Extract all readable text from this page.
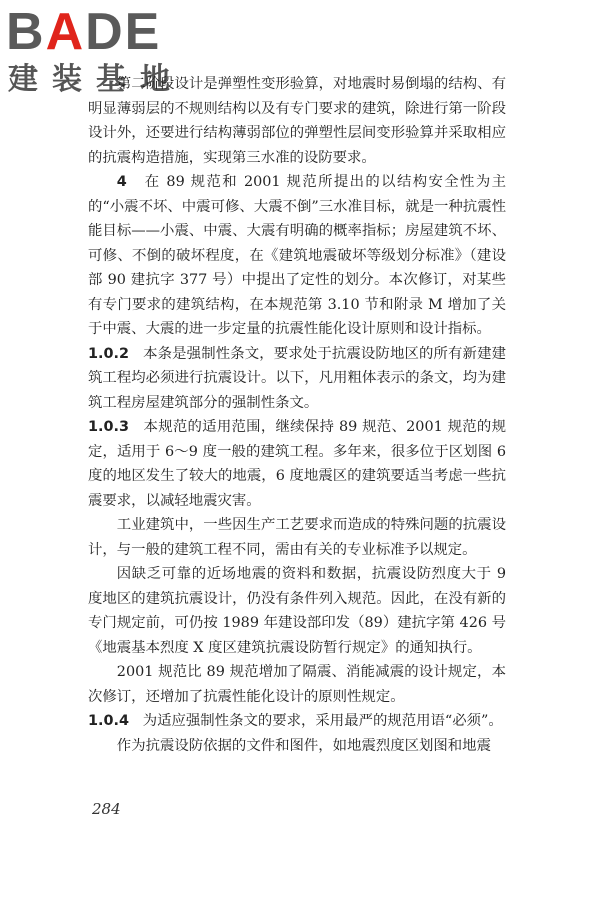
BADE
建装基地

第二阶段设计是弹塑性变形验算，对地震时易倒塌的结构、有明显薄弱层的不规则结构以及有专门要求的建筑，除进行第一阶段设计外，还要进行结构薄弱部位的弹塑性层间变形验算并采取相应的抗震构造措施，实现第三水准的设防要求。

4 在 89 规范和 2001 规范所提出的以结构安全性为主的“小震不坏、中震可修、大震不倒”三水准目标，就是一种抗震性能目标——小震、中震、大震有明确的概率指标；房屋建筑不坏、可修、不倒的破坏程度，在《建筑地震破坏等级划分标准》（建设部 90 建抗字 377 号）中提出了定性的划分。本次修订，对某些有专门要求的建筑结构，在本规范第 3.10 节和附录 M 增加了关于中震、大震的进一步定量的抗震性能化设计原则和设计指标。

1.0.2 本条是强制性条文，要求处于抗震设防地区的所有新建建筑工程均必须进行抗震设计。以下，凡用粗体表示的条文，均为建筑工程房屋建筑部分的强制性条文。

1.0.3 本规范的适用范围，继续保持 89 规范、2001 规范的规定，适用于 6～9 度一般的建筑工程。多年来，很多位于区划图 6 度的地区发生了较大的地震，6 度地震区的建筑要适当考虑一些抗震要求，以减轻地震灾害。

工业建筑中，一些因生产工艺要求而造成的特殊问题的抗震设计，与一般的建筑工程不同，需由有关的专业标准予以规定。

因缺乏可靠的近场地震的资料和数据，抗震设防烈度大于 9 度地区的建筑抗震设计，仍没有条件列入规范。因此，在没有新的专门规定前，可仍按 1989 年建设部印发（89）建抗字第 426 号《地震基本烈度 X 度区建筑抗震设防暂行规定》的通知执行。

2001 规范比 89 规范增加了隔震、消能减震的设计规定，本次修订，还增加了抗震性能化设计的原则性规定。

1.0.4 为适应强制性条文的要求，采用最严的规范用语“必须”。

作为抗震设防依据的文件和图件，如地震烈度区划图和地震

284
